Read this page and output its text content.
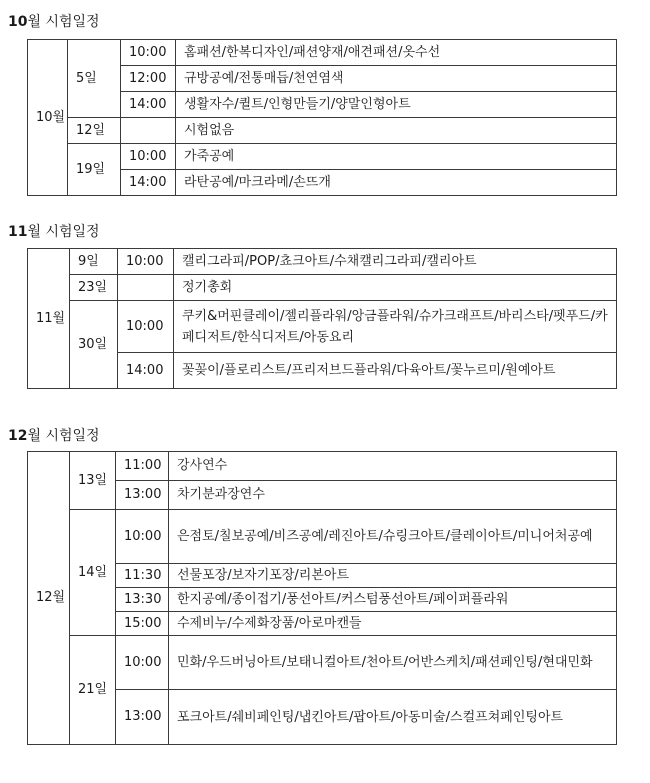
10월 시험일정
10월	5일	10:00	홈패션/한복디자인/패션양재/애견패션/옷수선
		12:00	규방공예/전통매듭/천연염색
		14:00	생활자수/퀼트/인형만들기/양말인형아트
	12일		시험없음
	19일	10:00	가죽공예
		14:00	라탄공예/마크라메/손뜨개
11월 시험일정
11월	9일	10:00	캘리그라피/POP/쵸크아트/수채캘리그라피/캘리아트
	23일		정기총회
	30일	10:00	쿠키&머핀클레이/젤리플라워/앙금플라워/슈가크래프트/바리스타/펫푸드/카페디저트/한식디저트/아동요리
		14:00	꽃꽂이/플로리스트/프리저브드플라워/다육아트/꽃누르미/원예아트
12월 시험일정
12월	13일	11:00	강사연수
		13:00	차기분과장연수
	14일	10:00	은점토/칠보공예/비즈공예/레진아트/슈링크아트/클레이아트/미니어처공예
		11:30	선물포장/보자기포장/리본아트
		13:30	한지공예/종이접기/풍선아트/커스텀풍선아트/페이퍼플라워
		15:00	수제비누/수제화장품/아로마캔들
	21일	10:00	민화/우드버닝아트/보태니컬아트/천아트/어반스케치/패션페인팅/현대민화
		13:00	포크아트/쉐비페인팅/냅킨아트/팝아트/아동미술/스컬프쳐페인팅아트
